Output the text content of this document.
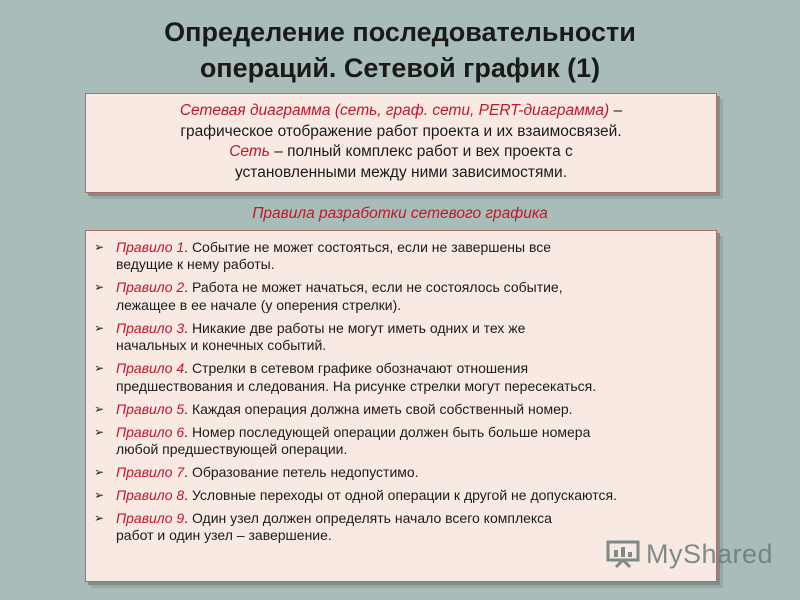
Определение последовательности
операций. Сетевой график (1)

Сетевая диаграмма (сеть, граф. сети, PERT-диаграмма) –

графическое отображение работ проекта и их взаимосвязей.

Сеть – полный комплекс работ и вех проекта с

установленными между ними зависимостями.

Правила разработки сетевого графика
➢ Правило 1. Событие не может состояться, если не завершены все
ведущие к нему работы.
➢ Правило 2. Работа не может начаться, если не состоялось событие,
лежащее в ее начале (у оперения стрелки).
➢ Правило 3. Никакие две работы не могут иметь одних и тех же
начальных и конечных событий.
➢ Правило 4. Стрелки в сетевом графике обозначают отношения
предшествования и следования. На рисунке стрелки могут пересекаться.
➢ Правило 5. Каждая операция должна иметь свой собственный номер.
➢ Правило 6. Номер последующей операции должен быть больше номера
любой предшествующей операции.
➢ Правило 7. Образование петель недопустимо.
➢ Правило 8. Условные переходы от одной операции к другой не допускаются.
➢ Правило 9. Один узел должен определять начало всего комплекса
работ и один узел – завершение.
MyShared
